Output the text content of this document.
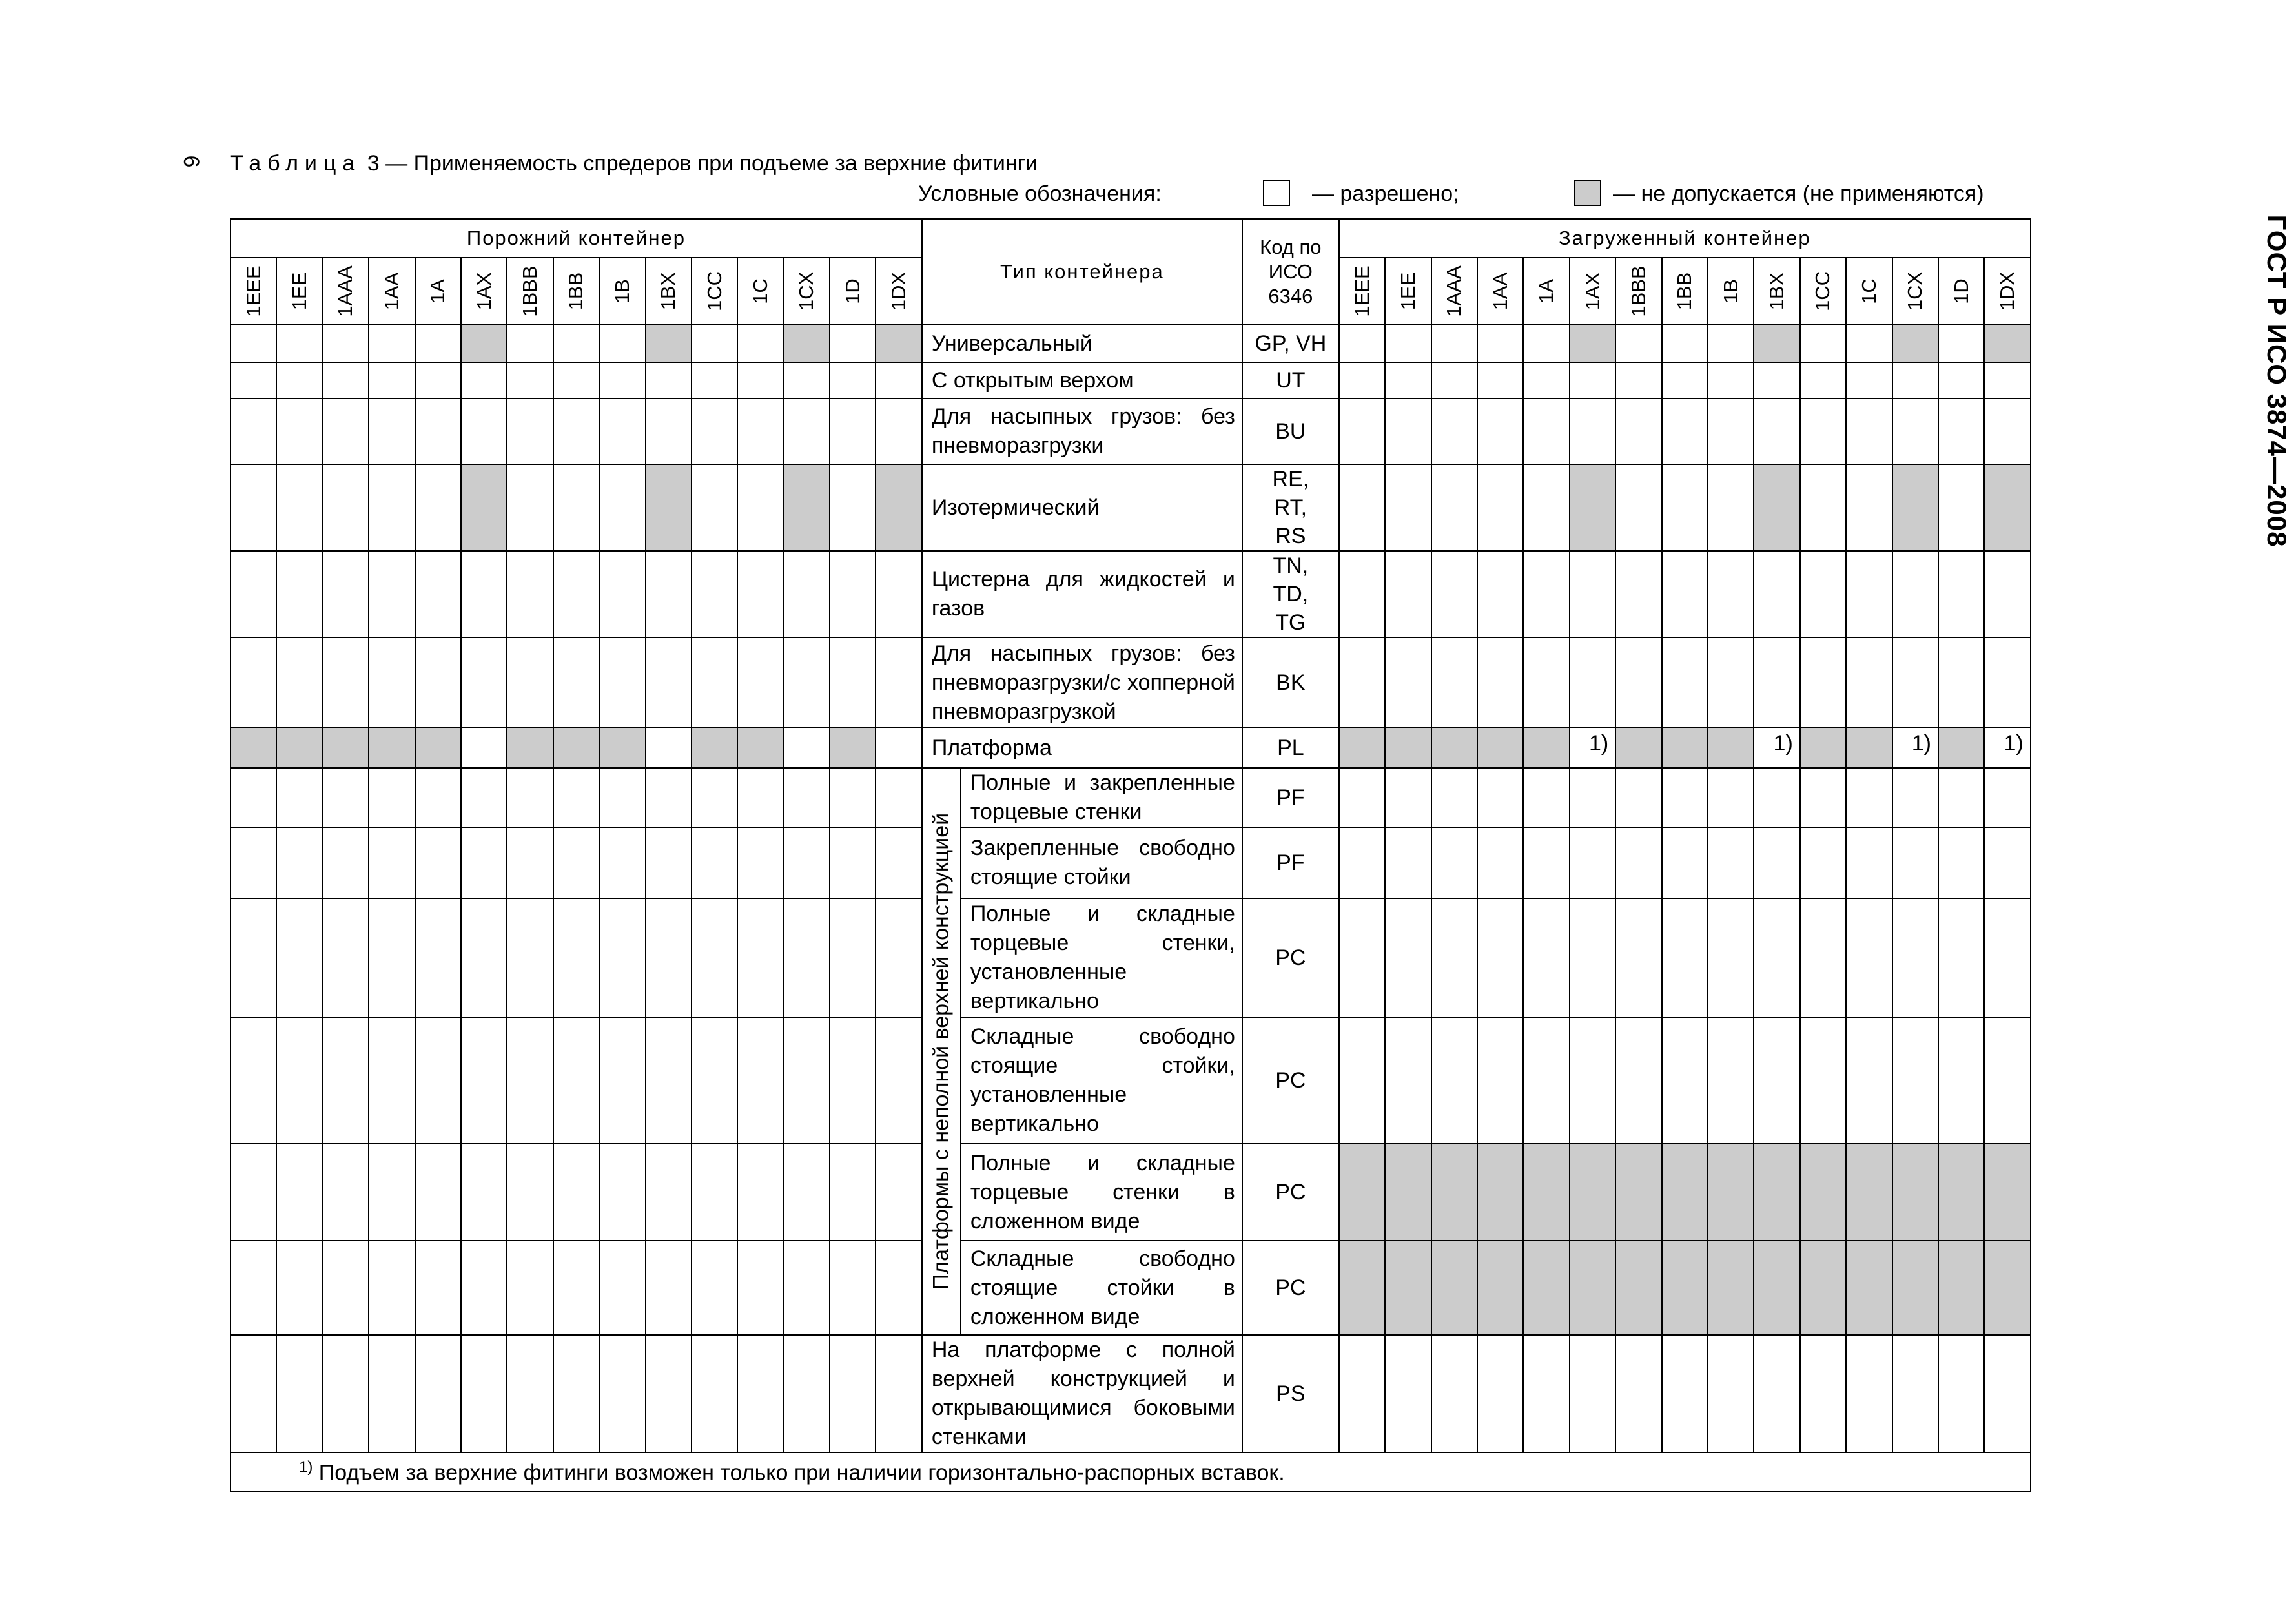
6 Таблица 3 — Применяемость спредеров при подъеме за верхние фитинги
Условные обозначения:	— разрешено;	— не допускается (не применяются)
ГОСТ Р ИСО 3874—2008
Порожний контейнер															Тип контейнера		Код по
ИСО
6346	Загруженный контейнер														

1EEE	1EE	1AAA	1AA	1A	1AX	1BBB	1BB	1B	1BX	1CC	1C	1CX	1D	1DX				1EEE	1EE	1AAA	1AA	1A	1AX	1BBB	1BB	1B	1BX	1CC	1C	1CX	1D	1DX

															Универсальный		GP, VH															
															С открытым верхом		UT															
															Для насыпных грузов: без пневморазгрузки		BU															
															Изотермический		RE, RT, RS															
															Цистерна для жидкостей и газов		TN, TD, TG															
															Для насыпных грузов: без пневморазгрузки/с хопперной пневморазгрузкой		BK															
															Платформа		PL						1)				1)			1)		1)

															Платформы с неполной верхней конструкцией	Полные и закрепленные торцевые стенки	PF															
																Закрепленные свободно стоящие стойки	PF															
																Полные и складные торцевые стенки, установленные вертикально	PC															
																Складные свободно стоящие стойки, установленные вертикально	PC															
																Полные и складные торцевые стенки в сложенном виде	PC															
																Складные свободно стоящие стойки в сложенном виде	PC															
															На платформе с полной верхней конструкцией и открывающимися боковыми стенками		PS															
$^{1)}$ Подъем за верхние фитинги возможен только при наличии горизонтально-распорных вставок.																																
